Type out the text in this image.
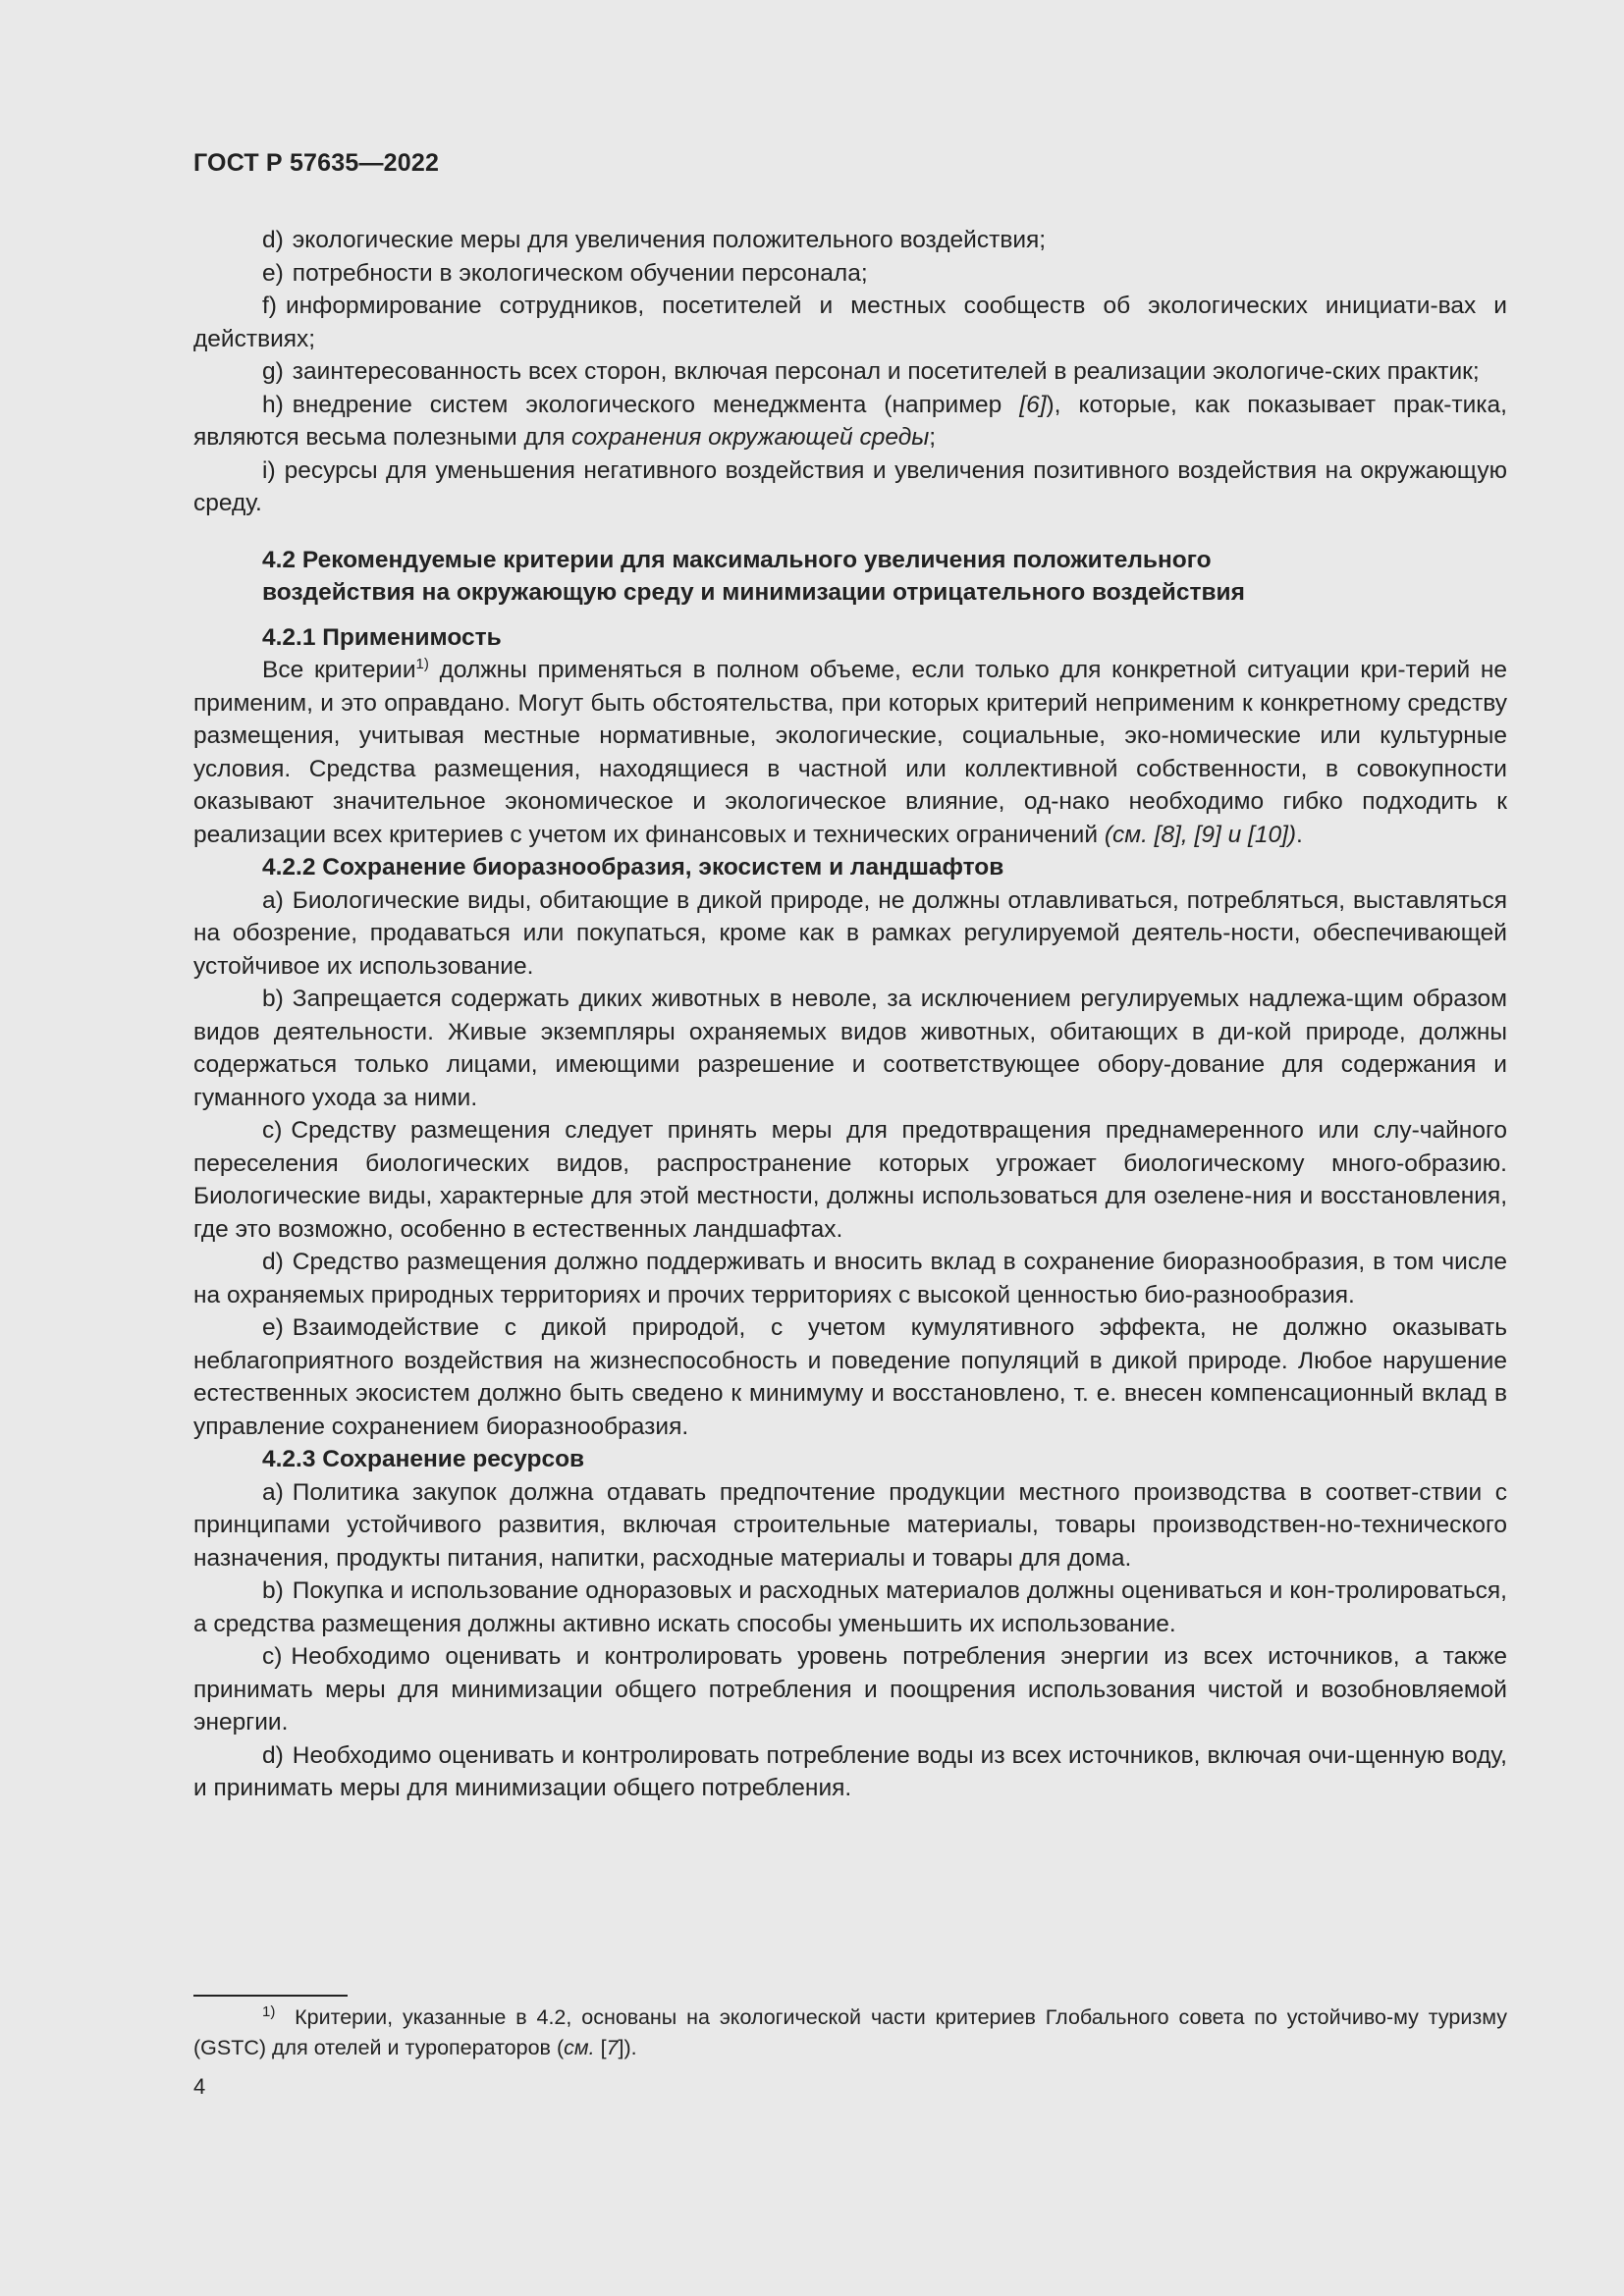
ГОСТ Р 57635—2022

d) экологические меры для увеличения положительного воздействия;

e) потребности в экологическом обучении персонала;

f) информирование сотрудников, посетителей и местных сообществ об экологических инициати-вах и действиях;

g) заинтересованность всех сторон, включая персонал и посетителей в реализации экологиче-ских практик;

h) внедрение систем экологического менеджмента (например [6]), которые, как показывает прак-тика, являются весьма полезными для сохранения окружающей среды;

i) ресурсы для уменьшения негативного воздействия и увеличения позитивного воздействия на окружающую среду.

4.2 Рекомендуемые критерии для максимального увеличения положительного
воздействия на окружающую среду и минимизации отрицательного воздействия
4.2.1 Применимость

Все критерии$^{1)}$ должны применяться в полном объеме, если только для конкретной ситуации кри-терий не применим, и это оправдано. Могут быть обстоятельства, при которых критерий неприменим к конкретному средству размещения, учитывая местные нормативные, экологические, социальные, эко-номические или культурные условия. Средства размещения, находящиеся в частной или коллективной собственности, в совокупности оказывают значительное экономическое и экологическое влияние, од-нако необходимо гибко подходить к реализации всех критериев с учетом их финансовых и технических ограничений (см. [8], [9] и [10]).

4.2.2 Сохранение биоразнообразия, экосистем и ландшафтов

a) Биологические виды, обитающие в дикой природе, не должны отлавливаться, потребляться, выставляться на обозрение, продаваться или покупаться, кроме как в рамках регулируемой деятель-ности, обеспечивающей устойчивое их использование.

b) Запрещается содержать диких животных в неволе, за исключением регулируемых надлежа-щим образом видов деятельности. Живые экземпляры охраняемых видов животных, обитающих в ди-кой природе, должны содержаться только лицами, имеющими разрешение и соответствующее обору-дование для содержания и гуманного ухода за ними.

c) Средству размещения следует принять меры для предотвращения преднамеренного или слу-чайного переселения биологических видов, распространение которых угрожает биологическому много-образию. Биологические виды, характерные для этой местности, должны использоваться для озелене-ния и восстановления, где это возможно, особенно в естественных ландшафтах.

d) Средство размещения должно поддерживать и вносить вклад в сохранение биоразнообразия, в том числе на охраняемых природных территориях и прочих территориях с высокой ценностью био-разнообразия.

e) Взаимодействие с дикой природой, с учетом кумулятивного эффекта, не должно оказывать неблагоприятного воздействия на жизнеспособность и поведение популяций в дикой природе. Любое нарушение естественных экосистем должно быть сведено к минимуму и восстановлено, т. е. внесен компенсационный вклад в управление сохранением биоразнообразия.

4.2.3 Сохранение ресурсов

a) Политика закупок должна отдавать предпочтение продукции местного производства в соответ-ствии с принципами устойчивого развития, включая строительные материалы, товары производствен-но-технического назначения, продукты питания, напитки, расходные материалы и товары для дома.

b) Покупка и использование одноразовых и расходных материалов должны оцениваться и кон-тролироваться, а средства размещения должны активно искать способы уменьшить их использование.

c) Необходимо оценивать и контролировать уровень потребления энергии из всех источников, а также принимать меры для минимизации общего потребления и поощрения использования чистой и возобновляемой энергии.

d) Необходимо оценивать и контролировать потребление воды из всех источников, включая очи-щенную воду, и принимать меры для минимизации общего потребления.

$^{1)}$ Критерии, указанные в 4.2, основаны на экологической части критериев Глобального совета по устойчиво-му туризму (GSTC) для отелей и туроператоров (см. [7]).

4
